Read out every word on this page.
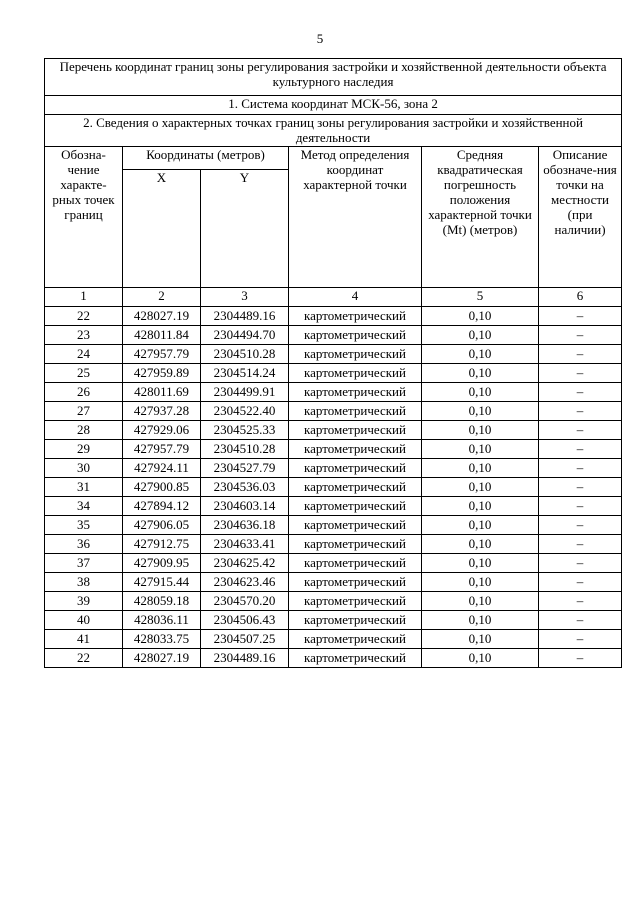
5
Перечень координат границ зоны регулирования застройки и хозяйственной деятельности объекта культурного наследия					
1. Система координат МСК-56, зона 2					
2. Сведения о характерных точках границ зоны регулирования застройки и хозяйственной деятельности					
Обозна-чение характе-рных точек границ	Координаты (метров)		Метод определения координат характерной точки	Средняя квадратическая погрешность положения характерной точки (Mt) (метров)	Описание обозначе-ния точки на местности (при наличии)
	X	Y			
1	2	3	4	5	6
22	428027.19	2304489.16	картометрический	0,10	–
23	428011.84	2304494.70	картометрический	0,10	–
24	427957.79	2304510.28	картометрический	0,10	–
25	427959.89	2304514.24	картометрический	0,10	–
26	428011.69	2304499.91	картометрический	0,10	–
27	427937.28	2304522.40	картометрический	0,10	–
28	427929.06	2304525.33	картометрический	0,10	–
29	427957.79	2304510.28	картометрический	0,10	–
30	427924.11	2304527.79	картометрический	0,10	–
31	427900.85	2304536.03	картометрический	0,10	–
34	427894.12	2304603.14	картометрический	0,10	–
35	427906.05	2304636.18	картометрический	0,10	–
36	427912.75	2304633.41	картометрический	0,10	–
37	427909.95	2304625.42	картометрический	0,10	–
38	427915.44	2304623.46	картометрический	0,10	–
39	428059.18	2304570.20	картометрический	0,10	–
40	428036.11	2304506.43	картометрический	0,10	–
41	428033.75	2304507.25	картометрический	0,10	–
22	428027.19	2304489.16	картометрический	0,10	–
